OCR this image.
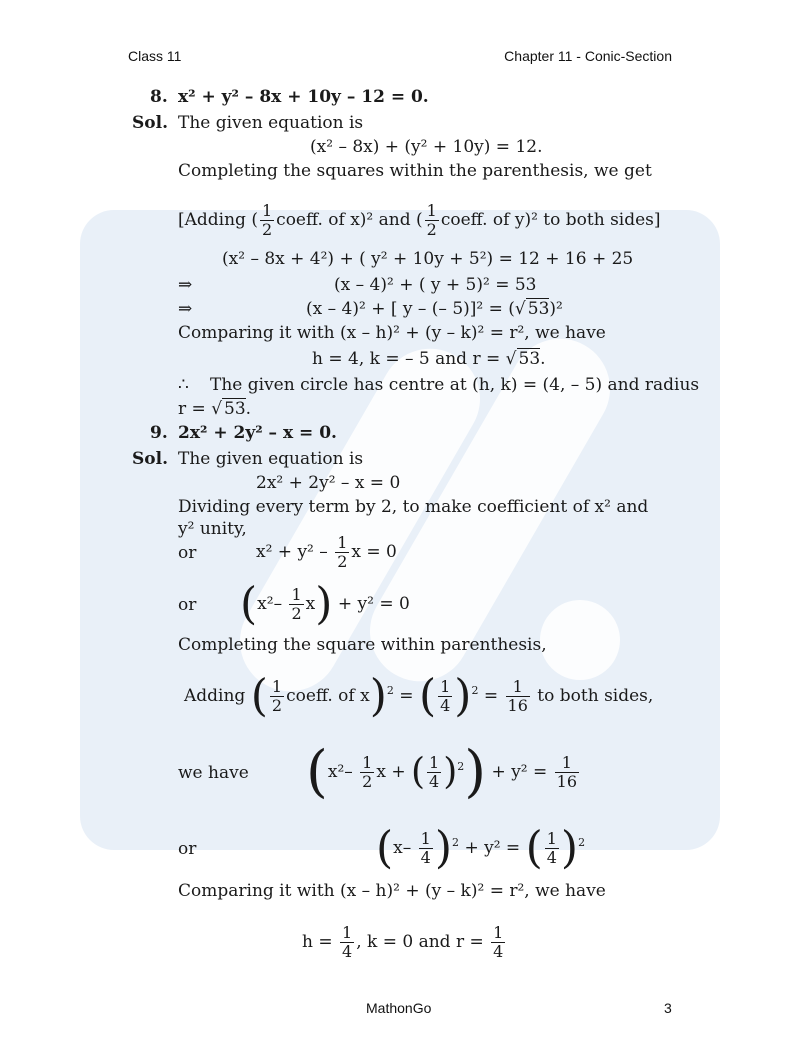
Class 11	Chapter 11 - Conic-Section
8. x² + y² – 8x + 10y – 12 = 0.
Sol. The given equation is
(x² – 8x) + (y² + 10y) = 12.
Completing the squares within the parenthesis, we get
[Adding ( $\frac{1}{2}$ coeff. of x)² and ( $\frac{1}{2}$ coeff. of y)² to both sides]
(x² – 8x + 4²) + ( y² + 10y + 5²) = 12 + 16 + 25
⇒	(x – 4)² + ( y + 5)² = 53
⇒	(x – 4)² + [ y – (– 5)]² = (√ 53)²
Comparing it with (x – h)² + (y – k)² = r², we have
h = 4, k = – 5 and r = √ 53.
∴ The given circle has centre at (h, k) = (4, – 5) and radius
r = √ 53.
9. 2x² + 2y² – x = 0.
Sol. The given equation is
2x² + 2y² – x = 0
Dividing every term by 2, to make coefficient of x² and
y² unity,
or	$x^2 + y^2 - \frac{1}{2}$ x = 0
or $(x^2- \frac{1}{2} x) + y^2 = 0$
Completing the square within parenthesis,
Adding ( $\frac{1}{2}$ coeff. of x)$^2$ = ( $\frac{1}{4} )^2 = \frac{1}{16}$ to both sides,
we have ($x^2- \frac{1}{2}$ x + ( $\frac{1}{4} )^2) + y^2 = \frac{1}{16}$
or	$(x- \frac{1}{4} )^2 + y^2$ = ( $\frac{1}{4} )^2$
Comparing it with (x – h)² + (y – k)² = r², we have
$h = \frac{1}{4}$ , k = 0 and $r = \frac{1}{4}$
MathonGo	3
